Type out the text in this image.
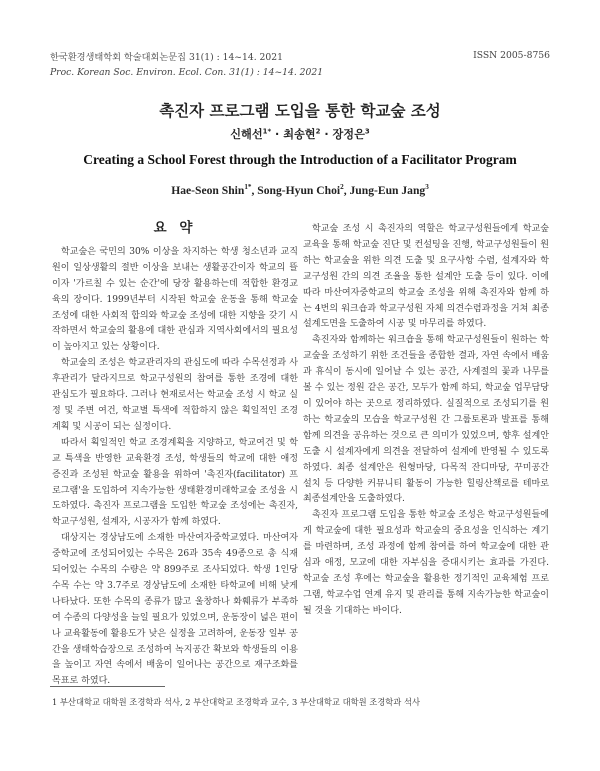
한국환경생태학회 학술대회논문집 31(1) : 14~14. 2021
Proc. Korean Soc. Environ. Ecol. Con. 31(1) : 14~14. 2021
ISSN 2005-8756
촉진자 프로그램 도입을 통한 학교숲 조성
신해선$^{1*}$ · 최송현$^2$ · 장정은$^3$
Creating a School Forest through the Introduction of a Facilitator Program
Hae-Seon Shin$^{1*}$, Song-Hyun Choi$^2$, Jung-Eun Jang$^3$
요 약

학교숲은 국민의 30% 이상을 차지하는 학생 청소년과 교직원이 일상생활의 절반 이상을 보내는 생활공간이자 학교의 뜰이자 '가르칠 수 있는 순간'에 당장 활용하는데 적합한 환경교육의 장이다. 1999년부터 시작된 학교숲 운동을 통해 학교숲 조성에 대한 사회적 합의와 학교숲 조성에 대한 지향을 갖기 시작하면서 학교숲의 활용에 대한 관심과 지역사회에서의 필요성이 높아지고 있는 상황이다.

학교숲의 조성은 학교관리자의 관심도에 따라 수목선정과 사후관리가 달라지므로 학교구성원의 참여를 통한 조경에 대한 관심도가 필요하다. 그러나 현재로서는 학교숲 조성 시 학교 실정 및 주변 여건, 학교별 특색에 적합하지 않은 획일적인 조경계획 및 시공이 되는 실정이다.

따라서 획일적인 학교 조경계획을 지양하고, 학교여건 및 학교 특색을 반영한 교육환경 조성, 학생들의 학교에 대한 애정 증진과 조성된 학교숲 활용을 위하여 '촉진자(facilitator) 프로그램'을 도입하여 지속가능한 생태환경미래학교숲 조성을 시도하였다. 촉진자 프로그램을 도입한 학교숲 조성에는 촉진자, 학교구성원, 설계자, 시공자가 함께 하였다.

대상지는 경상남도에 소재한 마산여자중학교였다. 마산여자중학교에 조성되어있는 수목은 26과 35속 49종으로 총 식재되어있는 수목의 수량은 약 899주로 조사되었다. 학생 1인당 수목 수는 약 3.7주로 경상남도에 소재한 타학교에 비해 낮게 나타났다. 또한 수목의 종류가 많고 울창하나 화훼류가 부족하여 수종의 다양성을 늘일 필요가 있었으며, 운동장이 넓은 편이나 교육활동에 활용도가 낮은 실정을 고려하여, 운동장 일부 공간을 생태학습장으로 조성하여 녹지공간 확보와 학생들의 이용을 높이고 자연 속에서 배움이 일어나는 공간으로 재구조화를 목표로 하였다.

학교숲 조성 시 촉진자의 역할은 학교구성원들에게 학교숲 교육을 통해 학교숲 진단 및 컨설팅을 진행, 학교구성원들이 원하는 학교숲을 위한 의견 도출 및 요구사항 수렴, 설계자와 학교구성원 간의 의견 조율을 통한 설계안 도출 등이 있다. 이에 따라 마산여자중학교의 학교숲 조성을 위해 촉진자와 함께 하는 4번의 워크숍과 학교구성원 자체 의견수렴과정을 거쳐 최종설계도면을 도출하여 시공 및 마무리를 하였다.

촉진자와 함께하는 워크숍을 통해 학교구성원들이 원하는 학교숲을 조성하기 위한 조건들을 종합한 결과, 자연 속에서 배움과 휴식이 동시에 일어날 수 있는 공간, 사계절의 꽃과 나무를 볼 수 있는 정원 같은 공간, 모두가 함께 하되, 학교숲 업무담당이 있어야 하는 곳으로 정리하였다. 실질적으로 조성되기를 원하는 학교숲의 모습을 학교구성원 간 그룹토론과 발표를 통해 함께 의견을 공유하는 것으로 큰 의미가 있었으며, 향후 설계안 도출 시 설계자에게 의견을 전달하여 설계에 반영될 수 있도록 하였다. 최종 설계안은 원형마당, 다목적 잔디마당, 꾸미공간 설치 등 다양한 커뮤니티 활동이 가능한 힐링산책로를 테마로 최종설계안을 도출하였다.

촉진자 프로그램 도입을 통한 학교숲 조성은 학교구성원들에게 학교숲에 대한 필요성과 학교숲의 중요성을 인식하는 계기를 마련하며, 조성 과정에 함께 참여를 하여 학교숲에 대한 관심과 애정, 모교에 대한 자부심을 증대시키는 효과를 가진다. 학교숲 조성 후에는 학교숲을 활용한 정기적인 교육체험 프로그램, 학교수업 연계 유지 및 관리를 통해 지속가능한 학교숲이 될 것을 기대하는 바이다.

1 부산대학교 대학원 조경학과 석사, 2 부산대학교 조경학과 교수, 3 부산대학교 대학원 조경학과 석사
